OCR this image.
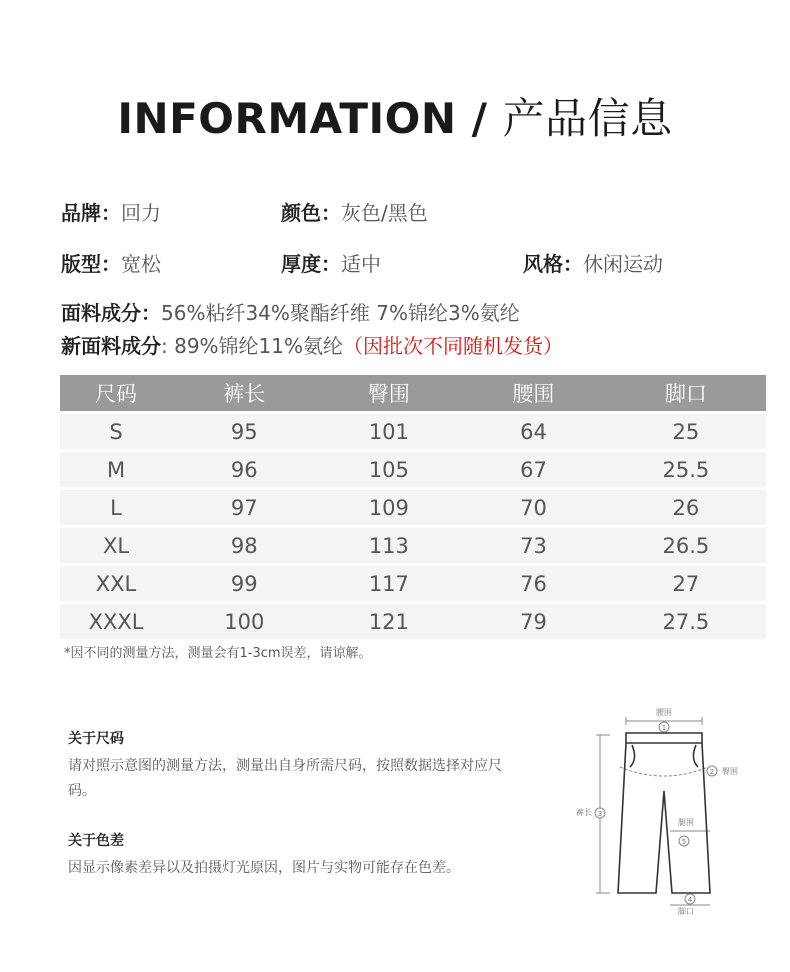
INFORMATION / 产品信息
品牌：回力	颜色：灰色/黑色
版型：宽松	厚度：适中	风格：休闲运动
面料成分：56%粘纤34%聚酯纤维 7%锦纶3%氨纶
新面料成分: 89%锦纶11%氨纶（因批次不同随机发货）
尺码	裤长	臀围	腰围	脚口
S	95	101	64	25
M	96	105	67	25.5
L	97	109	70	26
XL	98	113	73	26.5
XXL	99	117	76	27
XXXL	100	121	79	27.5
*因不同的测量方法，测量会有1-3cm误差，请谅解。
关于尺码
请对照示意图的测量方法，测量出自身所需尺码，按照数据选择对应尺码。
关于色差
因显示像素差异以及拍摄灯光原因，图片与实物可能存在色差。
腰围
1
2 臀围
裤长 3
腿围
5
4
脚口
